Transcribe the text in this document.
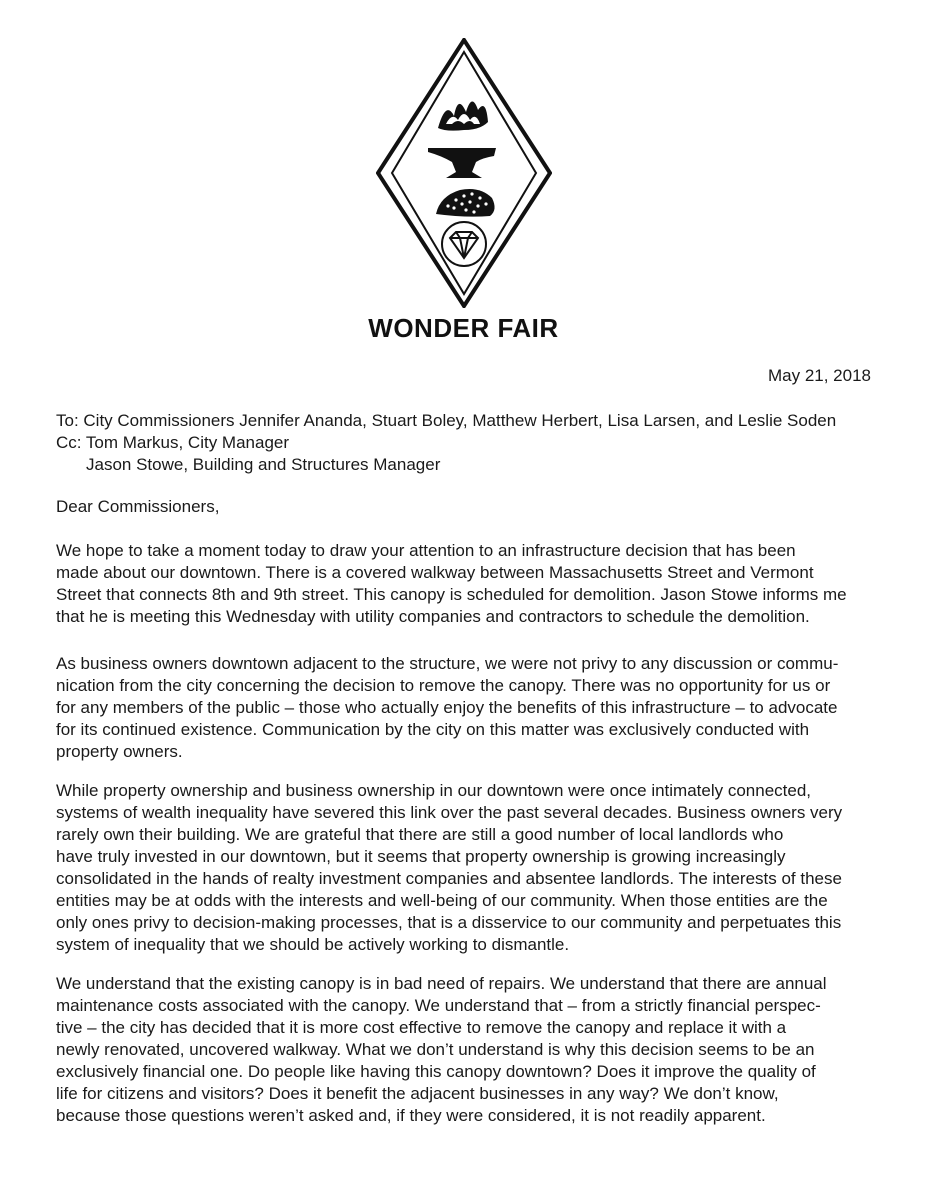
WONDER FAIR
May 21, 2018
To: City Commissioners Jennifer Ananda, Stuart Boley, Matthew Herbert, Lisa Larsen, and Leslie Soden
Cc: Tom Markus, City Manager
Jason Stowe, Building and Structures Manager
Dear Commissioners,
We hope to take a moment today to draw your attention to an infrastructure decision that has been
made about our downtown. There is a covered walkway between Massachusetts Street and Vermont
Street that connects 8th and 9th street. This canopy is scheduled for demolition. Jason Stowe informs me
that he is meeting this Wednesday with utility companies and contractors to schedule the demolition.
As business owners downtown adjacent to the structure, we were not privy to any discussion or commu-
nication from the city concerning the decision to remove the canopy. There was no opportunity for us or
for any members of the public – those who actually enjoy the benefits of this infrastructure – to advocate
for its continued existence. Communication by the city on this matter was exclusively conducted with
property owners.
While property ownership and business ownership in our downtown were once intimately connected,
systems of wealth inequality have severed this link over the past several decades. Business owners very
rarely own their building. We are grateful that there are still a good number of local landlords who
have truly invested in our downtown, but it seems that property ownership is growing increasingly
consolidated in the hands of realty investment companies and absentee landlords. The interests of these
entities may be at odds with the interests and well-being of our community. When those entities are the
only ones privy to decision-making processes, that is a disservice to our community and perpetuates this
system of inequality that we should be actively working to dismantle.
We understand that the existing canopy is in bad need of repairs. We understand that there are annual
maintenance costs associated with the canopy. We understand that – from a strictly financial perspec-
tive – the city has decided that it is more cost effective to remove the canopy and replace it with a
newly renovated, uncovered walkway. What we don’t understand is why this decision seems to be an
exclusively financial one. Do people like having this canopy downtown? Does it improve the quality of
life for citizens and visitors? Does it benefit the adjacent businesses in any way? We don’t know,
because those questions weren’t asked and, if they were considered, it is not readily apparent.
